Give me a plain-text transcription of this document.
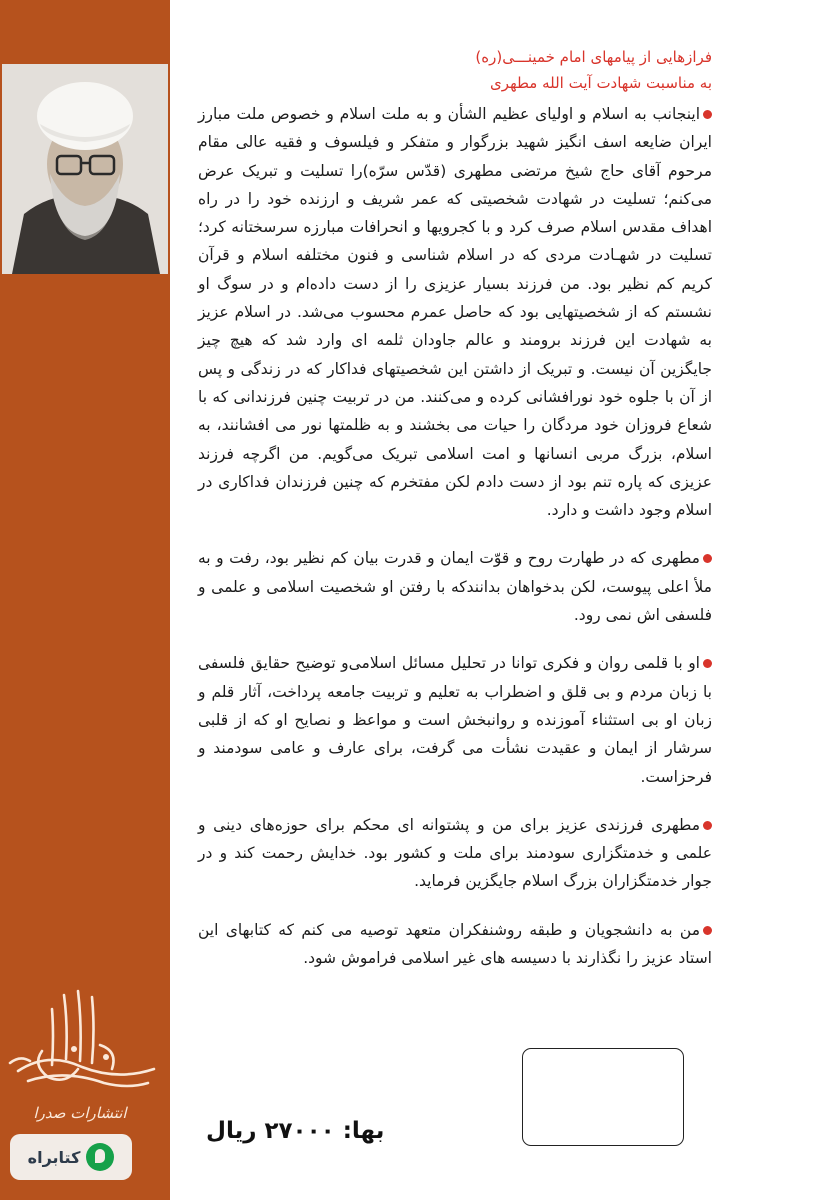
انتشارات صدرا
کتابراه
فرازهایی از پیامهای امام خمینـــی(ره)
به مناسبت شهادت آیت الله مطهری

اینجانب به اسلام و اولیای عظیم الشأن و به ملت اسلام و خصوص ملت مبارز ایران ضایعه اسف انگیز شهید بزرگوار و متفکر و فیلسوف و فقیه عالی مقام مرحوم آقای حاج شیخ مرتضی مطهری (قدّس سرّه)را تسلیت و تبریک عرض می‌کنم؛ تسلیت در شهادت شخصیتی که عمر شریف و ارزنده خود را در راه اهداف مقدس اسلام صرف کرد و با کجرویها و انحرافات مبارزه سرسختانه کرد؛ تسلیت در شهـادت مردی که در اسلام شناسی و فنون مختلفه اسلام و قرآن کریم کم نظیر بود. من فرزند بسیار عزیزی را از دست داده‌ام و در سوگ او نشستم که از شخصیتهایی بود که حاصل عمرم محسوب می‌شد. در اسلام عزیز به شهادت این فرزند برومند و عالم جاودان ثلمه ای وارد شد که هیچ چیز جایگزین آن نیست. و تبریک از داشتن این شخصیتهای فداکار که در زندگی و پس از آن با جلوه خود نورافشانی کرده و می‌کنند. من در تربیت چنین فرزندانی که با شعاع فروزان خود مردگان را حیات می بخشند و به ظلمتها نور می افشانند، به اسلام، بزرگ مربی انسانها و امت اسلامی تبریک می‌گویم. من اگرچه فرزند عزیزی که پاره تنم بود از دست دادم لکن مفتخرم که چنین فرزندان فداکاری در اسلام وجود داشت و دارد.

مطهری که در طهارت روح و قوّت ایمان و قدرت بیان کم نظیر بود، رفت و به ملأ اعلی پیوست، لکن بدخواهان بدانندکه با رفتن او شخصیت اسلامی و علمی و فلسفی اش نمی رود.

او با قلمی روان و فکری توانا در تحلیل مسائل اسلامی‌و توضیح حقایق فلسفی با زبان مردم و بی قلق و اضطراب به تعلیم و تربیت جامعه پرداخت، آثار قلم و زبان او بی استثناء آموزنده و روانبخش است و مواعظ و نصایح او که از قلبی سرشار از ایمان و عقیدت نشأت می گرفت، برای عارف و عامی سودمند و فرحزاست.

مطهری فرزندی عزیز برای من و پشتوانه ای محکم برای حوزه‌های دینی و علمی و خدمتگزاری سودمند برای ملت و کشور بود. خدایش رحمت کند و در جوار خدمتگزاران بزرگ اسلام جایگزین فرماید.

من به دانشجویان و طبقه روشنفکران متعهد توصیه می کنم که کتابهای این استاد عزیز را نگذارند با دسیسه های غیر اسلامی فراموش شود.

بها: ۲۷۰۰۰ ریال
